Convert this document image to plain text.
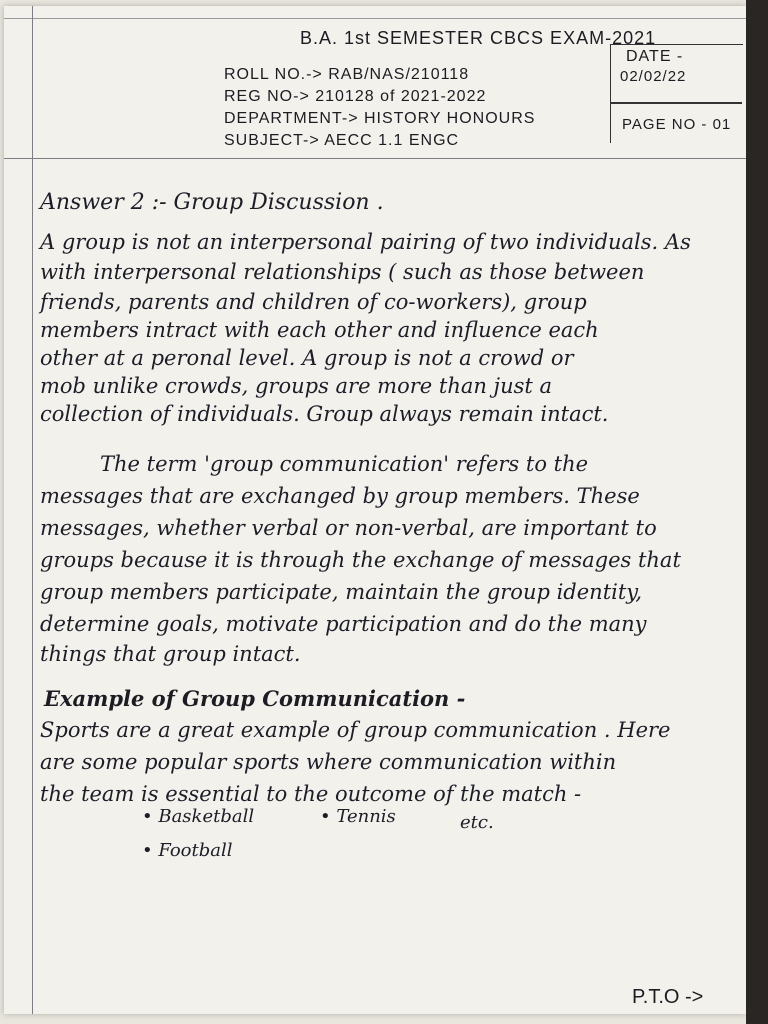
B.A. 1st SEMESTER CBCS EXAM-2021
ROLL NO.-> RAB/NAS/210118
REG NO-> 210128 of 2021-2022
DEPARTMENT-> HISTORY HONOURS
SUBJECT-> AECC 1.1 ENGC
DATE -
02/02/22
PAGE NO - 01
Answer 2 :- Group Discussion .
A group is not an interpersonal pairing of two individuals. As
with interpersonal relationships ( such as those between
friends, parents and children of co-workers), group
members intract with each other and influence each
other at a peronal level. A group is not a crowd or
mob unlike crowds, groups are more than just a
collection of individuals. Group always remain intact.
The term 'group communication' refers to the
messages that are exchanged by group members. These
messages, whether verbal or non-verbal, are important to
groups because it is through the exchange of messages that
group members participate, maintain the group identity,
determine goals, motivate participation and do the many
things that group intact.
Example of Group Communication -
Sports are a great example of group communication . Here
are some popular sports where communication within
the team is essential to the outcome of the match -
• Basketball	• Tennis	etc.
• Football
P.T.O ->
